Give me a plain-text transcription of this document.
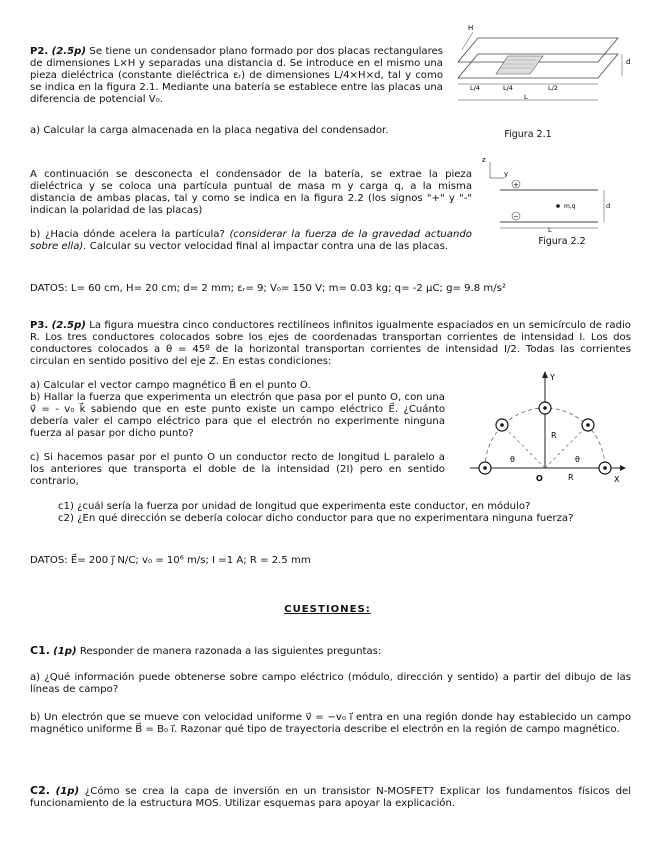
P2. (2.5p) Se tiene un condensador plano formado por dos placas rectangulares de dimensiones L×H y separadas una distancia d. Se introduce en el mismo una pieza dieléctrica (constante dieléctrica εᵣ) de dimensiones L/4×H×d, tal y como se indica en la figura 2.1. Mediante una batería se establece entre las placas una diferencia de potencial V₀.
a) Calcular la carga almacenada en la placa negativa del condensador.
H
d
L/4	L/4	L/2
L
Figura 2.1
A continuación se desconecta el condensador de la batería, se extrae la pieza dieléctrica y se coloca una partícula puntual de masa m y carga q, a la misma distancia de ambas placas, tal y como se indica en la figura 2.2 (los signos "+" y "-" indican la polaridad de las placas)
b) ¿Hacia dónde acelera la partícula? (considerar la fuerza de la gravedad actuando sobre ella). Calcular su vector velocidad final al impactar contra una de las placas.
z
y
+
−
m,q	d
L
Figura 2.2
DATOS: L= 60 cm, H= 20 cm; d= 2 mm; εᵣ= 9; V₀= 150 V; m= 0.03 kg; q= -2 μC; g= 9.8 m/s²
P3. (2.5p) La figura muestra cinco conductores rectilíneos infinitos igualmente espaciados en un semicírculo de radio R. Los tres conductores colocados sobre los ejes de coordenadas transportan corrientes de intensidad I. Los dos conductores colocados a θ = 45º de la horizontal transportan corrientes de intensidad I/2. Todas las corrientes circulan en sentido positivo del eje Z. En estas condiciones:
a) Calcular el vector campo magnético B⃗ en el punto O.
b) Hallar la fuerza que experimenta un electrón que pasa por el punto O, con una v⃗ = - v₀ k⃗ sabiendo que en este punto existe un campo eléctrico E⃗. ¿Cuánto debería valer el campo eléctrico para que el electrón no experimente ninguna fuerza al pasar por dicho punto?
c) Si hacemos pasar por el punto O un conductor recto de longitud L paralelo a los anteriores que transporta el doble de la intensidad (2I) pero en sentido contrario,	X
Y
R
R
θ	θ
O
c1) ¿cuál sería la fuerza por unidad de longitud que experimenta este conductor, en módulo?
c2) ¿En qué dirección se debería colocar dicho conductor para que no experimentara ninguna fuerza?
DATOS: E⃗= 200 j⃗ N/C; v₀ = 10⁶ m/s; I =1 A; R = 2.5 mm
CUESTIONES:
C1. (1p) Responder de manera razonada a las siguientes preguntas:
a) ¿Qué información puede obtenerse sobre campo eléctrico (módulo, dirección y sentido) a partir del dibujo de las líneas de campo?
b) Un electrón que se mueve con velocidad uniforme v⃗ = −v₀ i⃗ entra en una región donde hay establecido un campo magnético uniforme B⃗ = B₀ i⃗. Razonar qué tipo de trayectoria describe el electrón en la región de campo magnético.
C2. (1p) ¿Cómo se crea la capa de inversión en un transistor N-MOSFET? Explicar los fundamentos físicos del funcionamiento de la estructura MOS. Utilizar esquemas para apoyar la explicación.
